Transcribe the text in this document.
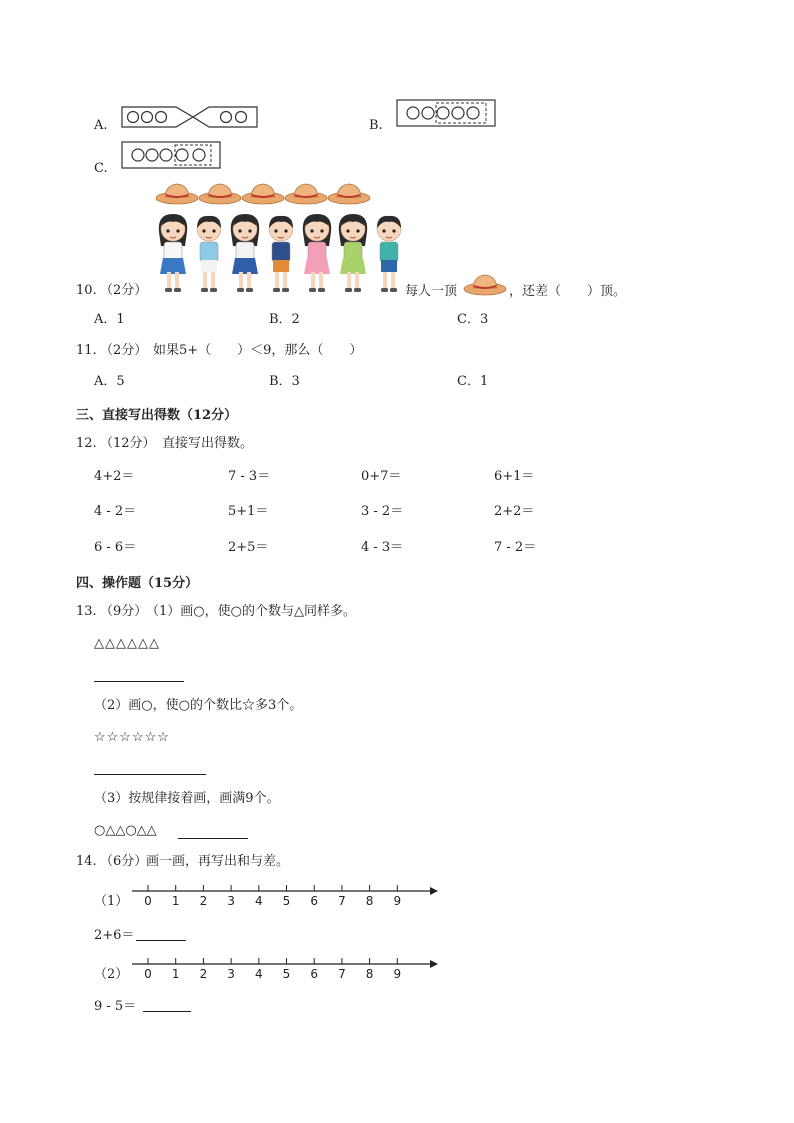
A.	B.
C.
10. （2分）	每人一顶	，还差（　　）顶。
A．1	B．2	C．3
11. （2分） 如果5+（　　）＜9，那么（　　）
A．5	B．3	C．1
三、直接写出得数（12分）
12. （12分） 直接写出得数。
4+2＝	7 - 3＝	0+7＝	6+1＝
4 - 2＝	5+1＝	3 - 2＝	2+2＝
6 - 6＝	2+5＝	4 - 3＝	7 - 2＝
四、操作题（15分）
13. （9分）
（1）画○，使○的个数与△同样多。
△△△△△△
（2）画○，使○的个数比☆多3个。
☆☆☆☆☆☆
（3）按规律接着画，画满9个。
○△△○△△
14. （6分）
画一画，再写出和与差。
（1） 0 1 2 3 4 5 6 7 8 9
2+6＝
（2） 0 1 2 3 4 5 6 7 8 9
9 - 5＝
